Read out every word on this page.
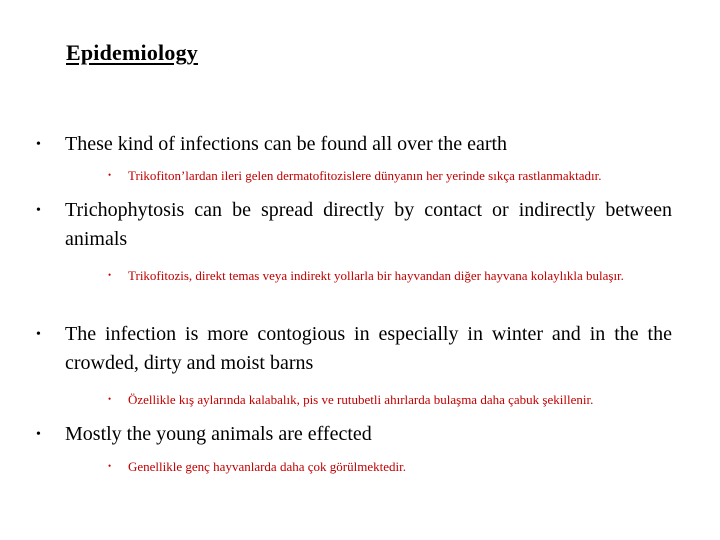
Epidemiology
•	These kind of infections can be found all over the earth
•	Trikofiton’lardan ileri gelen dermatofitozislere dünyanın her yerinde sıkça rastlanmaktadır.
•	Trichophytosis can be spread directly by contact or indirectly between animals
•	Trikofitozis, direkt temas veya indirekt yollarla bir hayvandan diğer hayvana kolaylıkla bulaşır.
•	The infection is more contogious in especially in winter and in the the crowded, dirty and moist barns
•	Özellikle kış aylarında kalabalık, pis ve rutubetli ahırlarda bulaşma daha çabuk şekillenir.
•	Mostly the young animals are effected
•	Genellikle genç hayvanlarda daha çok görülmektedir.
